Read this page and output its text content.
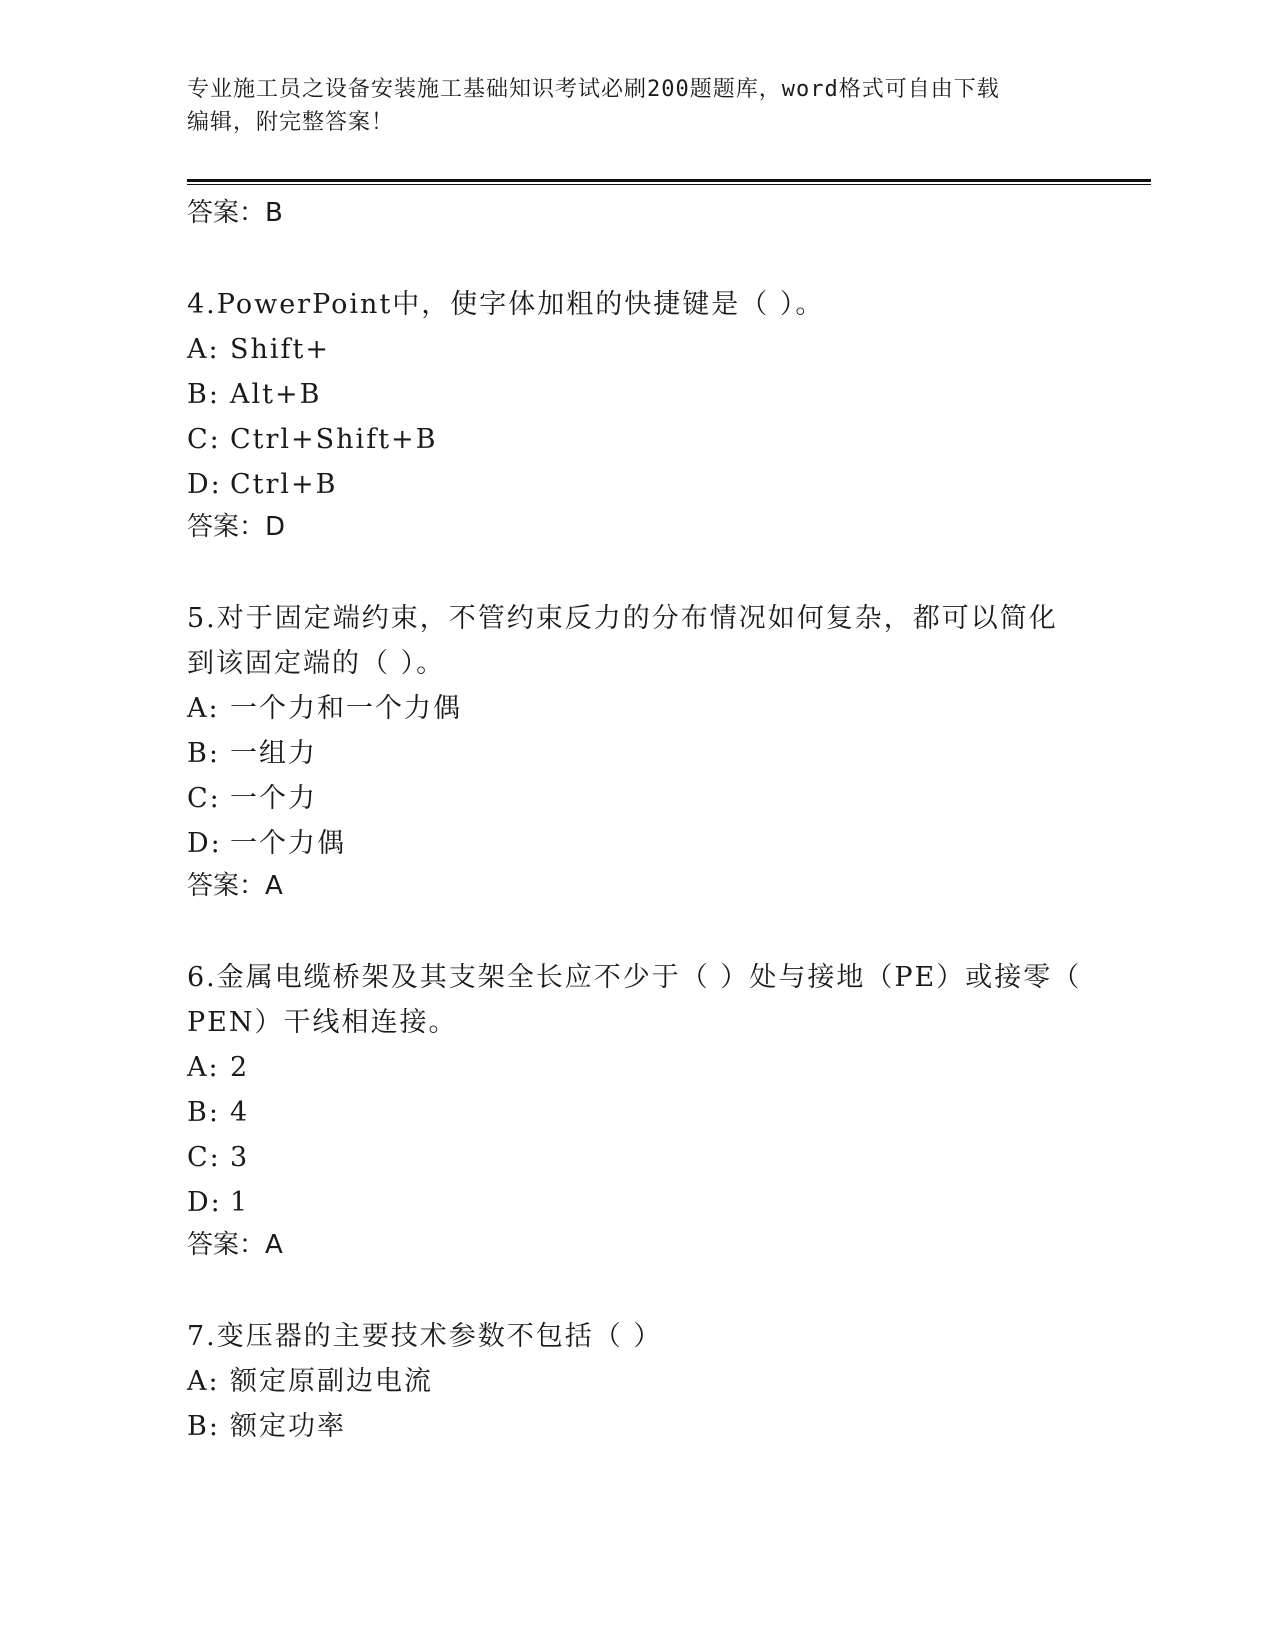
专业施工员之设备安装施工基础知识考试必刷200题题库，word格式可自由下载
编辑，附完整答案！
答案：B
4.PowerPoint中，使字体加粗的快捷键是（ ）。
A: Shift+
B: Alt+B
C: Ctrl+Shift+B
D: Ctrl+B
答案：D
5.对于固定端约束，不管约束反力的分布情况如何复杂，都可以简化
到该固定端的（ ）。
A: 一个力和一个力偶
B: 一组力
C: 一个力
D: 一个力偶
答案：A
6.金属电缆桥架及其支架全长应不少于（ ）处与接地（PE）或接零（
PEN）干线相连接。
A: 2
B: 4
C: 3
D: 1
答案：A
7.变压器的主要技术参数不包括（ ）
A: 额定原副边电流
B: 额定功率
